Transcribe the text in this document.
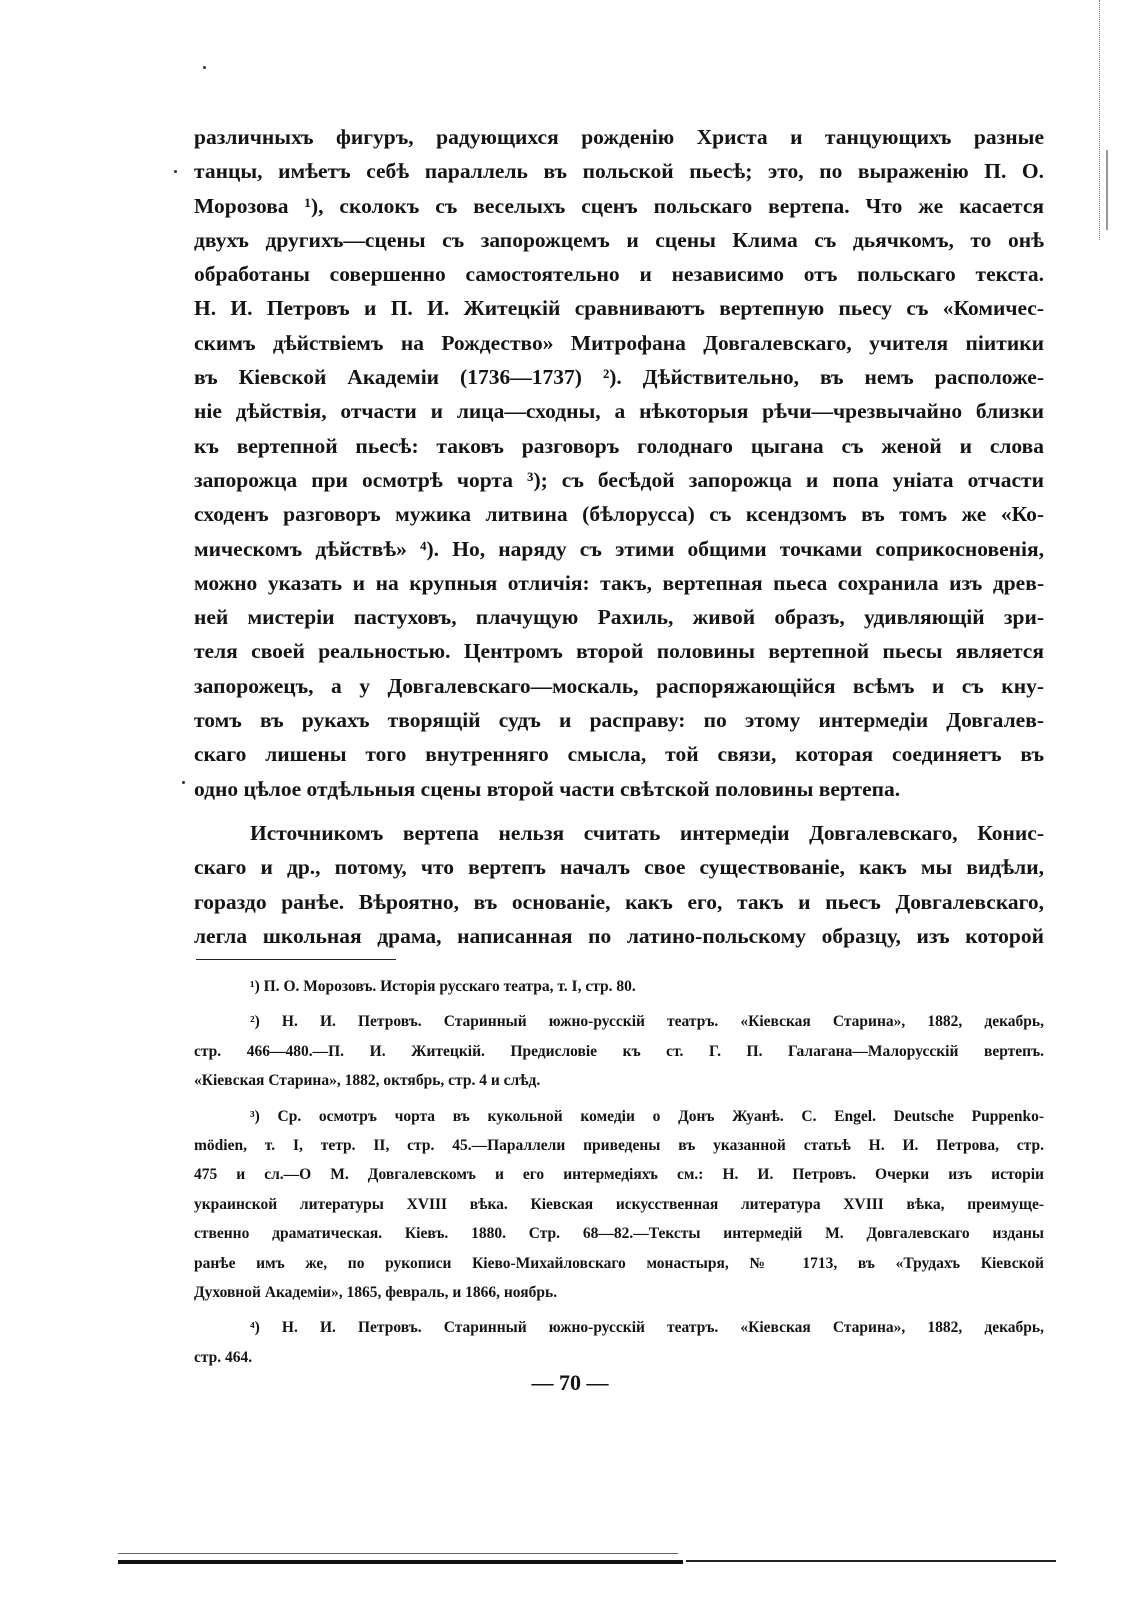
различныхъ фигуръ, радующихся рожденію Христа и танцующихъ разные
танцы, имѣетъ себѣ параллель въ польской пьесѣ; это, по выраженію П. О.
Морозова ¹), сколокъ съ веселыхъ сценъ польскаго вертепа. Что же касается
двухъ другихъ—сцены съ запорожцемъ и сцены Клима съ дьячкомъ, то онѣ
обработаны совершенно самостоятельно и независимо отъ польскаго текста.
Н. И. Петровъ и П. И. Житецкій сравниваютъ вертепную пьесу съ «Комичес-
скимъ дѣйствіемъ на Рождество» Митрофана Довгалевскаго, учителя піитики
въ Кіевской Академіи (1736—1737) ²). Дѣйствительно, въ немъ расположе-
ніе дѣйствія, отчасти и лица—сходны, а нѣкоторыя рѣчи—чрезвычайно близки
къ вертепной пьесѣ: таковъ разговоръ голоднаго цыгана съ женой и слова
запорожца при осмотрѣ чорта ³); съ бесѣдой запорожца и попа уніата отчасти
сходенъ разговоръ мужика литвина (бѣлорусса) съ ксендзомъ въ томъ же «Ко-
мическомъ дѣйствѣ» ⁴). Но, наряду съ этими общими точками соприкосновенія,
можно указать и на крупныя отличія: такъ, вертепная пьеса сохранила изъ древ-
ней мистеріи пастуховъ, плачущую Рахиль, живой образъ, удивляющій зри-
теля своей реальностью. Центромъ второй половины вертепной пьесы является
запорожецъ, а у Довгалевскаго—москаль, распоряжающійся всѣмъ и съ кну-
томъ въ рукахъ творящій судъ и расправу: по этому интермедіи Довгалев-
скаго лишены того внутренняго смысла, той связи, которая соединяетъ въ
одно цѣлое отдѣльныя сцены второй части свѣтской половины вертепа.
Источникомъ вертепа нельзя считать интермедіи Довгалевскаго, Конис-
скаго и др., потому, что вертепъ началъ свое существованіе, какъ мы видѣли,
гораздо ранѣе. Вѣроятно, въ основаніе, какъ его, такъ и пьесъ Довгалевскаго,
легла школьная драма, написанная по латино-польскому образцу, изъ которой
¹) П. О. Морозовъ. Исторія русскаго театра, т. I, стр. 80.
²) Н. И. Петровъ. Старинный южно-русскій театръ. «Кіевская Старина», 1882, декабрь,
стр. 466—480.—П. И. Житецкій. Предисловіе къ ст. Г. П. Галагана—Малорусскій вертепъ.
«Кіевская Старина», 1882, октябрь, стр. 4 и слѣд.
³) Ср. осмотръ чорта въ кукольной комедіи о Донъ Жуанѣ. C. Engel. Deutsche Puppenko-
mödien, т. I, тетр. II, стр. 45.—Параллели приведены въ указанной статьѣ Н. И. Петрова, стр.
475 и сл.—О М. Довгалевскомъ и его интермедіяхъ см.: Н. И. Петровъ. Очерки изъ исторіи
украинской литературы XVIII вѣка. Кіевская искусственная литература XVIII вѣка, преимуще-
ственно драматическая. Кіевъ. 1880. Стр. 68—82.—Тексты интермедій М. Довгалевскаго изданы
ранѣе имъ же, по рукописи Кіево-Михайловскаго монастыря, № 1713, въ «Трудахъ Кіевской
Духовной Академіи», 1865, февраль, и 1866, ноябрь.
⁴) Н. И. Петровъ. Старинный южно-русскій театръ. «Кіевская Старина», 1882, декабрь,
стр. 464.
— 70 —
